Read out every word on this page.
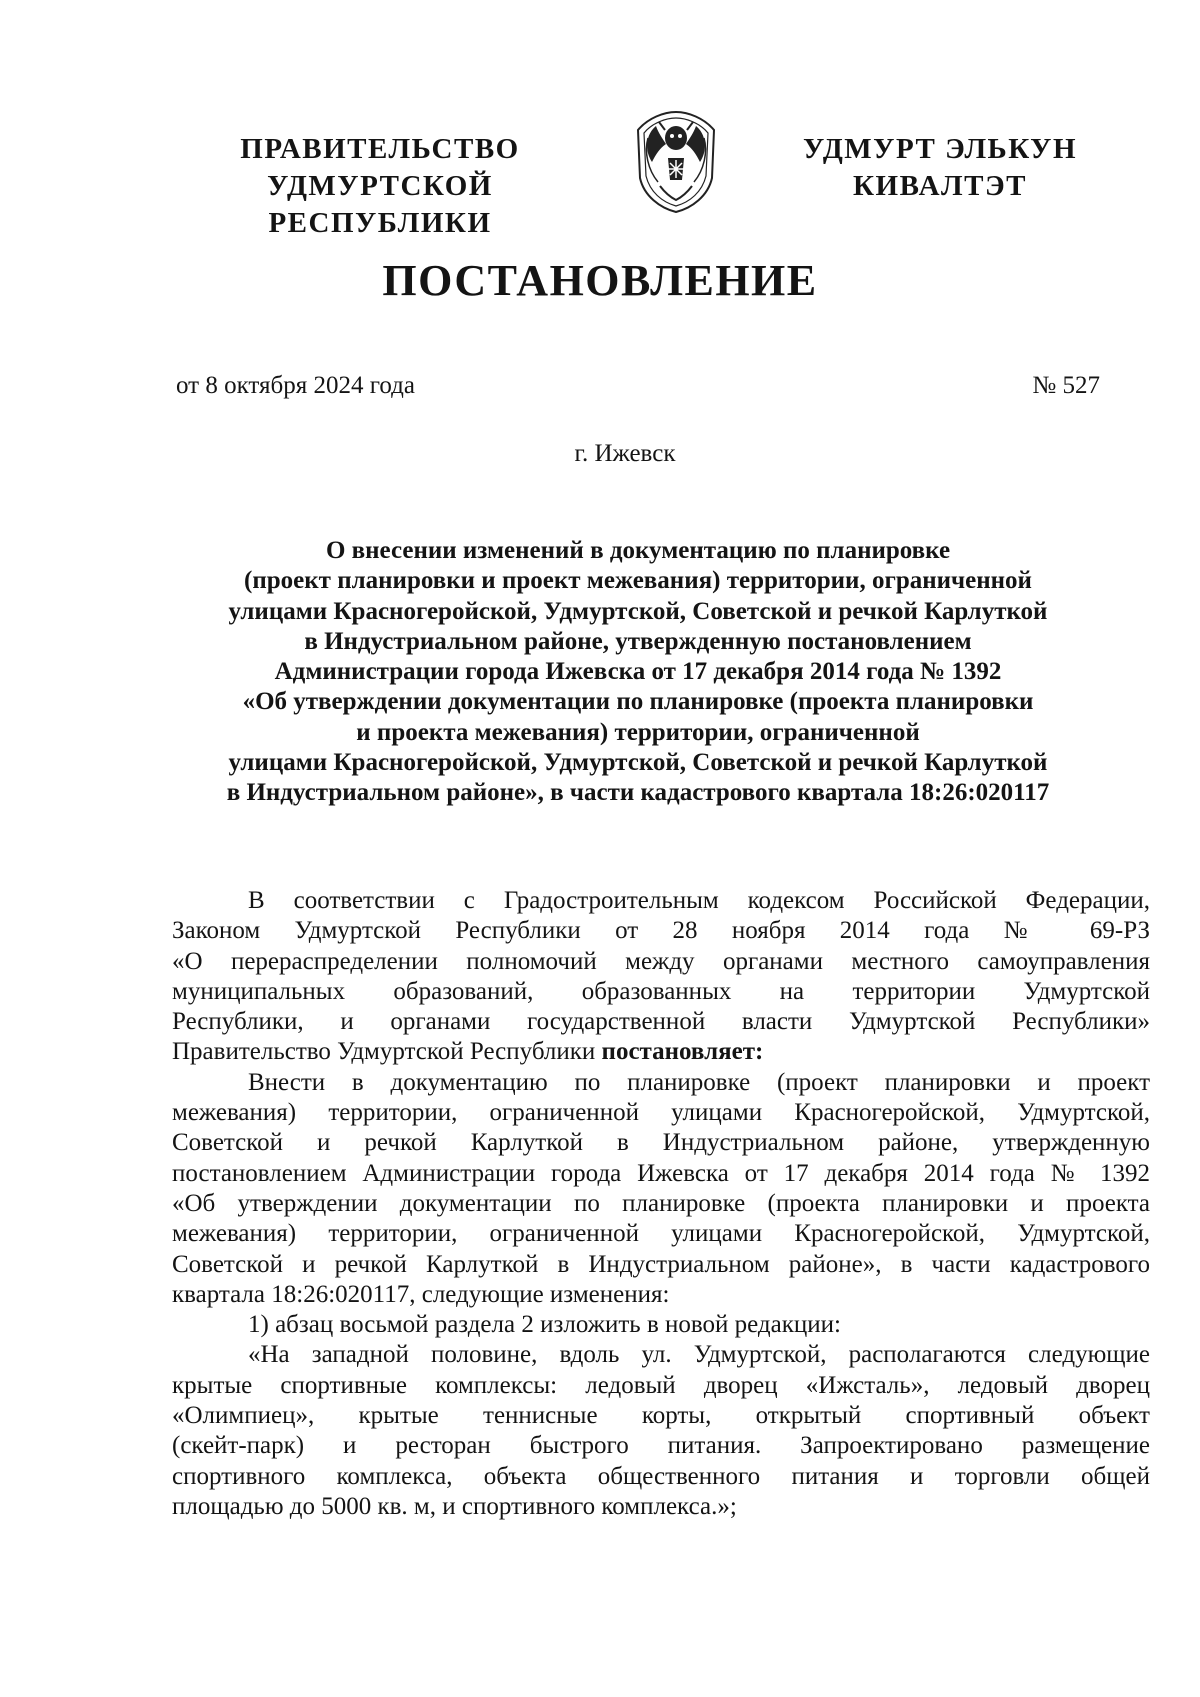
ПРАВИТЕЛЬСТВО
УДМУРТСКОЙ РЕСПУБЛИКИ
УДМУРТ ЭЛЬКУН
КИВАЛТЭТ
ПОСТАНОВЛЕНИЕ
от 8 октября 2024 года	№ 527
г. Ижевск
О внесении изменений в документацию по планировке
(проект планировки и проект межевания) территории, ограниченной
улицами Красногеройской, Удмуртской, Советской и речкой Карлуткой
в Индустриальном районе, утвержденную постановлением
Администрации города Ижевска от 17 декабря 2014 года № 1392
«Об утверждении документации по планировке (проекта планировки
и проекта межевания) территории, ограниченной
улицами Красногеройской, Удмуртской, Советской и речкой Карлуткой
в Индустриальном районе», в части кадастрового квартала 18:26:020117
В соответствии с Градостроительным кодексом Российской Федерации,
Законом Удмуртской Республики от 28 ноября 2014 года № 69-РЗ
«О перераспределении полномочий между органами местного самоуправления
муниципальных образований, образованных на территории Удмуртской
Республики, и органами государственной власти Удмуртской Республики»
Правительство Удмуртской Республики постановляет:
Внести в документацию по планировке (проект планировки и проект
межевания) территории, ограниченной улицами Красногеройской, Удмуртской,
Советской и речкой Карлуткой в Индустриальном районе, утвержденную
постановлением Администрации города Ижевска от 17 декабря 2014 года № 1392
«Об утверждении документации по планировке (проекта планировки и проекта
межевания) территории, ограниченной улицами Красногеройской, Удмуртской,
Советской и речкой Карлуткой в Индустриальном районе», в части кадастрового
квартала 18:26:020117, следующие изменения:
1) абзац восьмой раздела 2 изложить в новой редакции:
«На западной половине, вдоль ул. Удмуртской, располагаются следующие
крытые спортивные комплексы: ледовый дворец «Ижсталь», ледовый дворец
«Олимпиец», крытые теннисные корты, открытый спортивный объект
(скейт-парк) и ресторан быстрого питания. Запроектировано размещение
спортивного комплекса, объекта общественного питания и торговли общей
площадью до 5000 кв. м, и спортивного комплекса.»;
